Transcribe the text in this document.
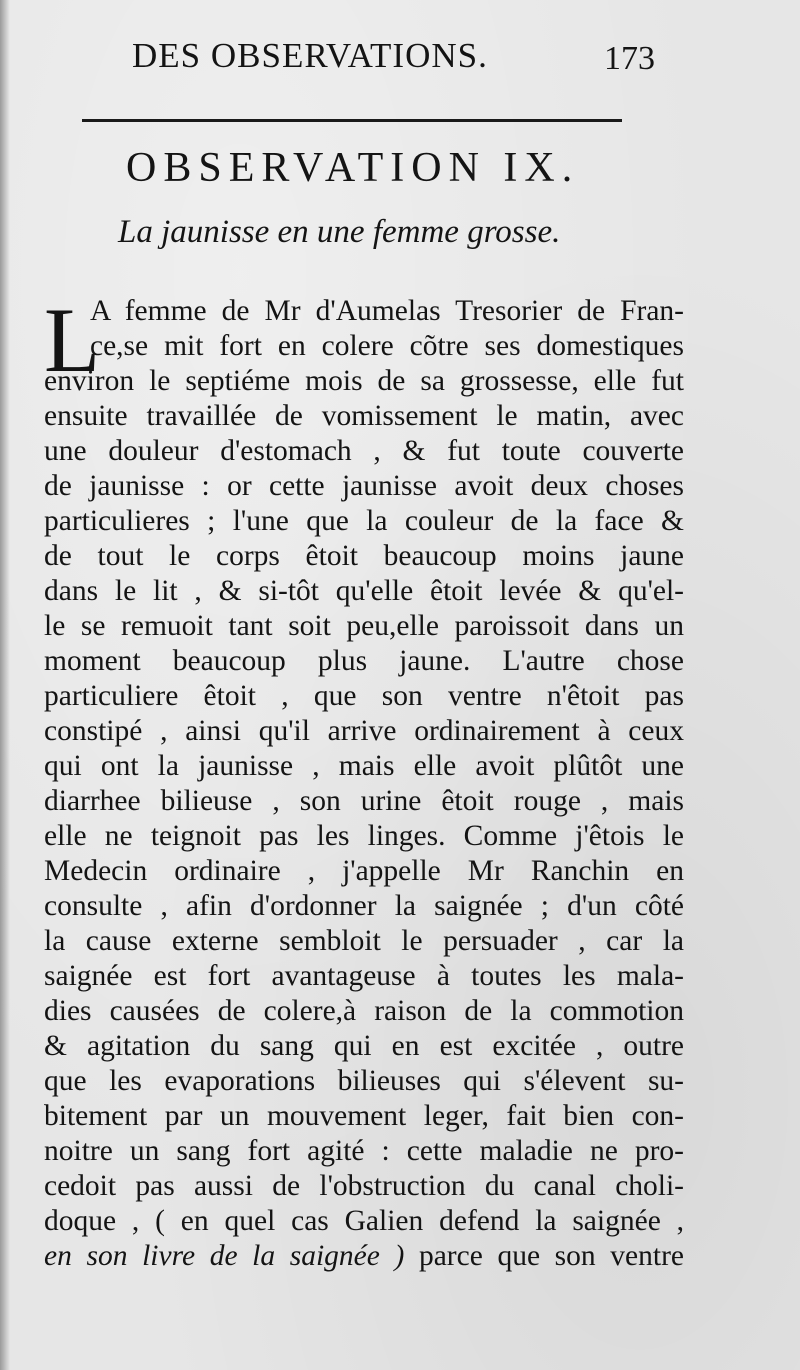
DES OBSERVATIONS.	173
OBSERVATION IX.
La jaunisse en une femme grosse.
L
A femme de Mr d'Aumelas Tresorier de Fran-
ce,se mit fort en colere cõtre ses domestiques
environ le septiéme mois de sa grossesse, elle fut
ensuite travaillée de vomissement le matin, avec
une douleur d'estomach , & fut toute couverte
de jaunisse : or cette jaunisse avoit deux choses
particulieres ; l'une que la couleur de la face &
de tout le corps êtoit beaucoup moins jaune
dans le lit , & si-tôt qu'elle êtoit levée & qu'el-
le se remuoit tant soit peu,elle paroissoit dans un
moment beaucoup plus jaune. L'autre chose
particuliere êtoit , que son ventre n'êtoit pas
constipé , ainsi qu'il arrive ordinairement à ceux
qui ont la jaunisse , mais elle avoit plûtôt une
diarrhee bilieuse , son urine êtoit rouge , mais
elle ne teignoit pas les linges. Comme j'êtois le
Medecin ordinaire , j'appelle Mr Ranchin en
consulte , afin d'ordonner la saignée ; d'un côté
la cause externe sembloit le persuader , car la
saignée est fort avantageuse à toutes les mala-
dies causées de colere,à raison de la commotion
& agitation du sang qui en est excitée , outre
que les evaporations bilieuses qui s'élevent su-
bitement par un mouvement leger, fait bien con-
noitre un sang fort agité : cette maladie ne pro-
cedoit pas aussi de l'obstruction du canal choli-
doque , ( en quel cas Galien defend la saignée ,
en son livre de la saignée ) parce que son ventre
